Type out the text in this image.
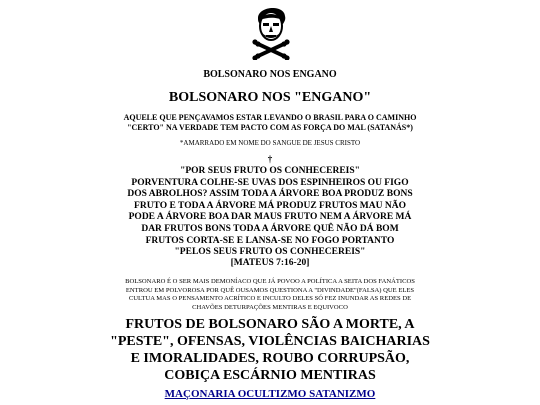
BOLSONARO NOS ENGANO
BOLSONARO NOS "ENGANO"
AQUELE QUE PENÇAVAMOS ESTAR LEVANDO O BRASIL PARA O CAMINHO
"CERTO" NA VERDADE TEM PACTO COM AS FORÇA DO MAL (SATANÁS*)
*AMARRADO EM NOME DO SANGUE DE JESUS CRISTO
†
"POR SEUS FRUTO OS CONHECEREIS"
PORVENTURA COLHE-SE UVAS DOS ESPINHEIROS OU FIGO
DOS ABROLHOS? ASSIM TODA A ÁRVORE BOA PRODUZ BONS
FRUTO E TODA A ÁRVORE MÁ PRODUZ FRUTOS MAU NÃO
PODE A ÁRVORE BOA DAR MAUS FRUTO NEM A ÁRVORE MÁ
DAR FRUTOS BONS TODA A ÁRVORE QUÊ NÃO DÁ BOM
FRUTOS CORTA-SE E LANSA-SE NO FOGO PORTANTO
"PELOS SEUS FRUTO OS CONHECEREIS"
[MATEUS 7:16-20]
BOLSONARO É O SER MAIS DEMONÍACO QUE JÁ POVOO A POLÍTICA A SEITA DOS FANÁTICOS
ENTROU EM POLVOROSA POR QUÊ OUSAMOS QUESTIONA A "DIVINDADE"(FALSA) QUE ELES
CULTUA MAS O PENSAMENTO ACRÍTICO E INCULTO DELES SÓ FEZ INUNDAR AS REDES DE
CHAVÕES DETURPAÇÕES MENTIRAS E EQUIVOCO
FRUTOS DE BOLSONARO SÃO A MORTE, A
"PESTE", OFENSAS, VIOLÊNCIAS BAICHARIAS
E IMORALIDADES, ROUBO CORRUPSÃO,
COBIÇA ESCÁRNIO MENTIRAS
MAÇONARIA OCULTIZMO SATANIZMO
